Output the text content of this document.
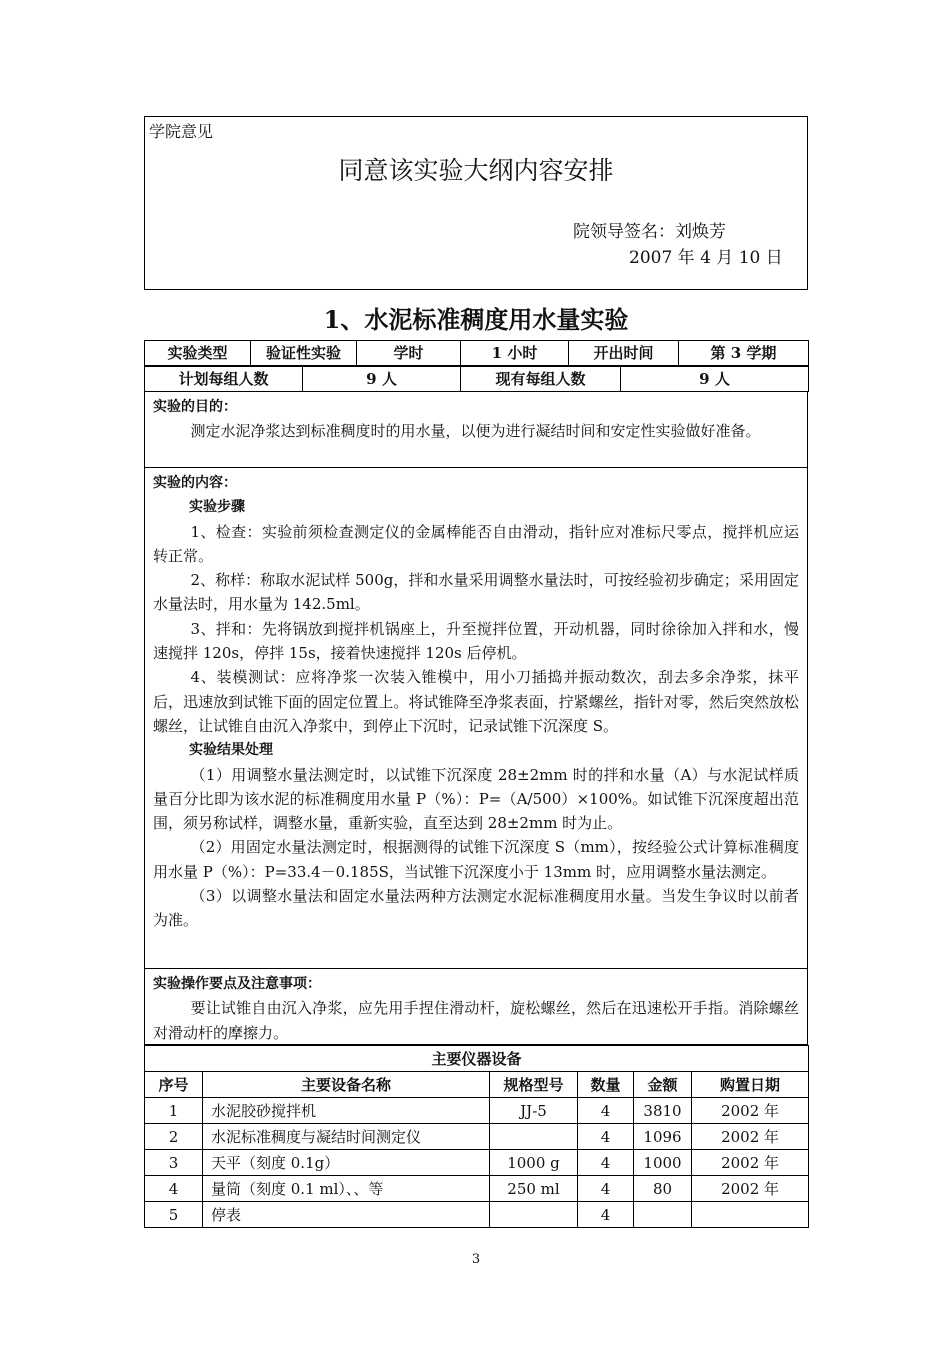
学院意见
同意该实验大纲内容安排
院领导签名：刘焕芳
2007 年 4 月 10 日
1、水泥标准稠度用水量实验
实验类型	验证性实验	学时	1 小时	开出时间	第 3 学期
计划每组人数	9 人	现有每组人数	9 人
实验的目的：

测定水泥净浆达到标准稠度时的用水量，以便为进行凝结时间和安定性实验做好准备。

实验的内容：
实验步骤

1、检查：实验前须检查测定仪的金属棒能否自由滑动，指针应对准标尺零点，搅拌机应运转正常。

2、称样：称取水泥试样 500g，拌和水量采用调整水量法时，可按经验初步确定；采用固定水量法时，用水量为 142.5ml。

3、拌和：先将锅放到搅拌机锅座上，升至搅拌位置，开动机器，同时徐徐加入拌和水，慢速搅拌 120s，停拌 15s，接着快速搅拌 120s 后停机。

4、装模测试：应将净浆一次装入锥模中，用小刀插捣并振动数次，刮去多余净浆，抹平后，迅速放到试锥下面的固定位置上。将试锥降至净浆表面，拧紧螺丝，指针对零，然后突然放松螺丝，让试锥自由沉入净浆中，到停止下沉时，记录试锥下沉深度 S。

实验结果处理

（1）用调整水量法测定时，以试锥下沉深度 28±2mm 时的拌和水量（A）与水泥试样质量百分比即为该水泥的标准稠度用水量 P（%）：P=（A/500）×100%。如试锥下沉深度超出范围，须另称试样，调整水量，重新实验，直至达到 28±2mm 时为止。

（2）用固定水量法测定时，根据测得的试锥下沉深度 S（mm），按经验公式计算标准稠度用水量 P（%）：P=33.4－0.185S，当试锥下沉深度小于 13mm 时，应用调整水量法测定。

（3）以调整水量法和固定水量法两种方法测定水泥标准稠度用水量。当发生争议时以前者为准。

实验操作要点及注意事项：

要让试锥自由沉入净浆，应先用手捏住滑动杆，旋松螺丝，然后在迅速松开手指。消除螺丝对滑动杆的摩擦力。

主要仪器设备					
序号	主要设备名称	规格型号	数量	金额	购置日期
1	水泥胶砂搅拌机	JJ-5	4	3810	2002 年
2	水泥标准稠度与凝结时间测定仪		4	1096	2002 年
3	天平（刻度 0.1g）	1000 g	4	1000	2002 年
4	量筒（刻度 0.1 ml）、、等	250 ml	4	80	2002 年
5	停表		4		
3
